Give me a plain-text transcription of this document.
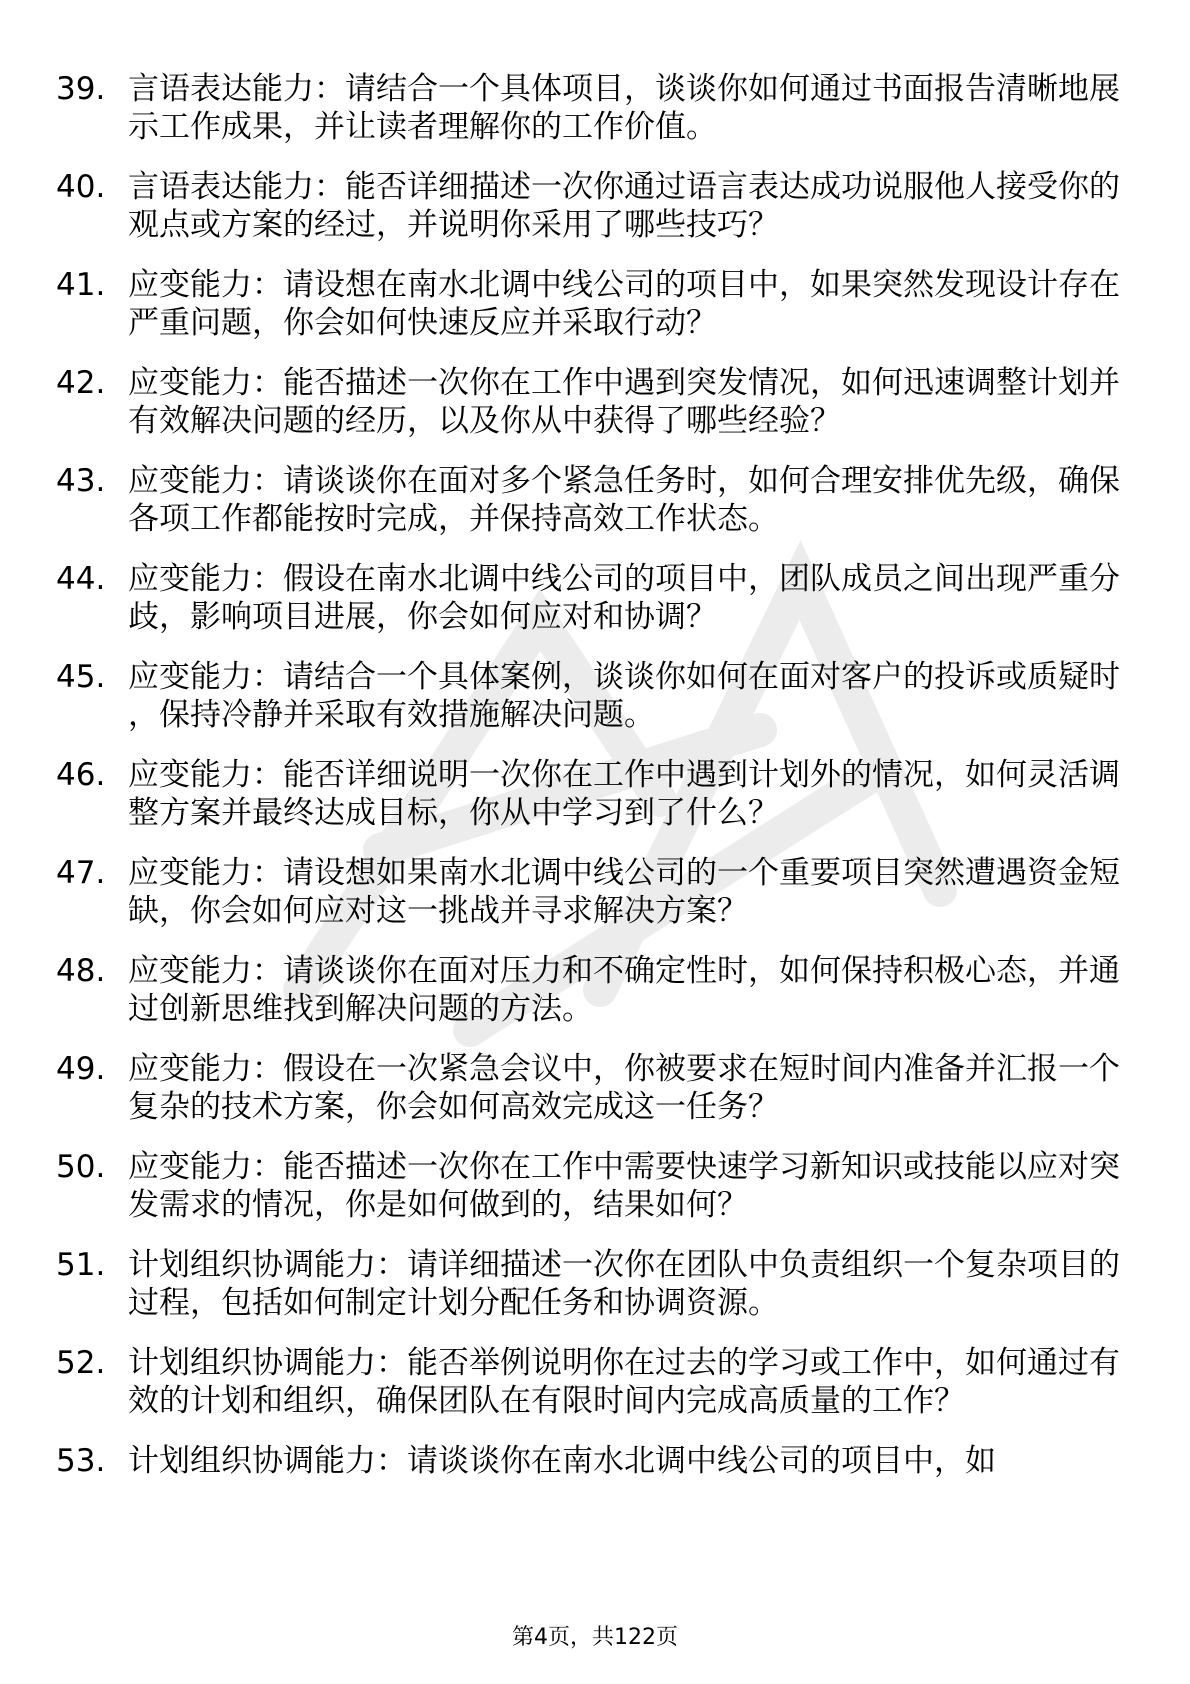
39. 言语表达能力：请结合一个具体项目，谈谈你如何通过书面报告清晰地展示工作成果，并让读者理解你的工作价值。
40. 言语表达能力：能否详细描述一次你通过语言表达成功说服他人接受你的观点或方案的经过，并说明你采用了哪些技巧？
41. 应变能力：请设想在南水北调中线公司的项目中，如果突然发现设计存在严重问题，你会如何快速反应并采取行动？
42. 应变能力：能否描述一次你在工作中遇到突发情况，如何迅速调整计划并有效解决问题的经历，以及你从中获得了哪些经验？
43. 应变能力：请谈谈你在面对多个紧急任务时，如何合理安排优先级，确保各项工作都能按时完成，并保持高效工作状态。
44. 应变能力：假设在南水北调中线公司的项目中，团队成员之间出现严重分歧，影响项目进展，你会如何应对和协调？
45. 应变能力：请结合一个具体案例，谈谈你如何在面对客户的投诉或质疑时，保持冷静并采取有效措施解决问题。
46. 应变能力：能否详细说明一次你在工作中遇到计划外的情况，如何灵活调整方案并最终达成目标，你从中学习到了什么？
47. 应变能力：请设想如果南水北调中线公司的一个重要项目突然遭遇资金短缺，你会如何应对这一挑战并寻求解决方案？
48. 应变能力：请谈谈你在面对压力和不确定性时，如何保持积极心态，并通过创新思维找到解决问题的方法。
49. 应变能力：假设在一次紧急会议中，你被要求在短时间内准备并汇报一个复杂的技术方案，你会如何高效完成这一任务？
50. 应变能力：能否描述一次你在工作中需要快速学习新知识或技能以应对突发需求的情况，你是如何做到的，结果如何？
51. 计划组织协调能力：请详细描述一次你在团队中负责组织一个复杂项目的过程，包括如何制定计划分配任务和协调资源。
52. 计划组织协调能力：能否举例说明你在过去的学习或工作中，如何通过有效的计划和组织，确保团队在有限时间内完成高质量的工作？
53. 计划组织协调能力：请谈谈你在南水北调中线公司的项目中，如
第4页，共122页
